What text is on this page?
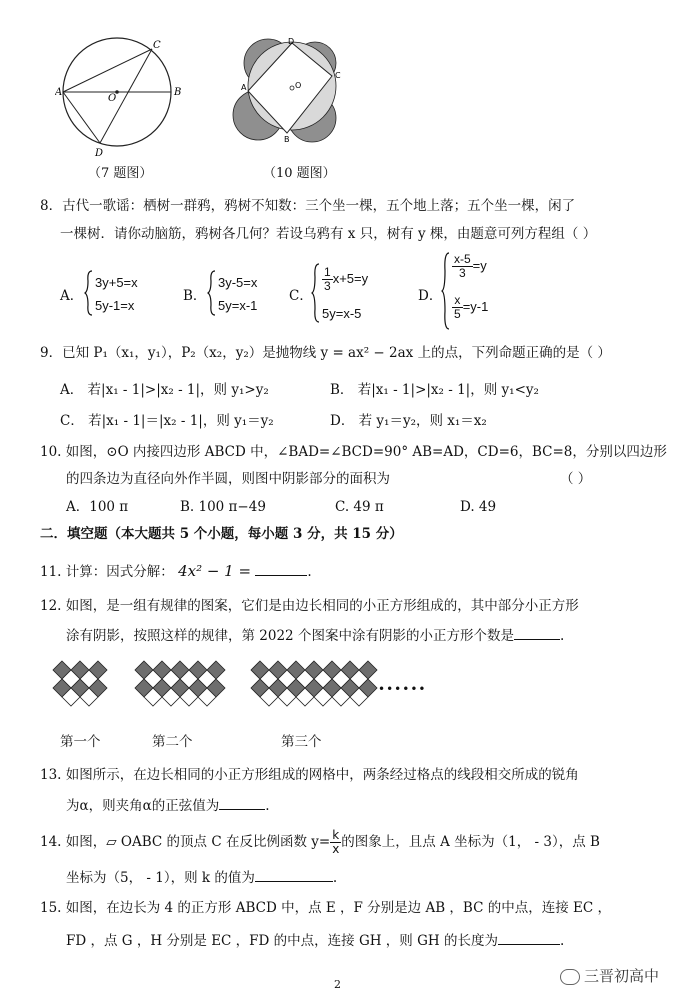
A	B
C
D
O
（7 题图）
D
C
A
B
O
（10 题图）
8．古代一歌谣：栖树一群鸦，鸦树不知数：三个坐一棵，五个地上落；五个坐一棵，闲了
一棵树．请你动脑筋，鸦树各几何？若设乌鸦有 x 只，树有 y 棵，由题意可列方程组（ ）
A．
3y+5=x
5y-1=x
B．
3y-5=x
5y=x-1
C．
$\frac{1}{3} x+5=y$
5y=x-5
D．
$\frac{x-5}{3} =y$
$\frac{x}{5} =y-1$
9．已知 P₁（x₁，y₁），P₂（x₂，y₂）是抛物线 y = ax² − 2ax 上的点，下列命题正确的是（ ）
A． 若|x₁ - 1|>|x₂ - 1|，则 y₁>y₂	B． 若|x₁ - 1|>|x₂ - 1|，则 y₁<y₂
C． 若|x₁ - 1|＝|x₂ - 1|，则 y₁＝y₂	D． 若 y₁＝y₂，则 x₁＝x₂
10. 如图，⊙O 内接四边形 ABCD 中，∠BAD=∠BCD=90° AB=AD，CD=6，BC=8，分别以四边形
的四条边为直径向外作半圆，则图中阴影部分的面积为	（ ）
A．100 π	B. 100 π−49	C. 49 π	D. 49
二．填空题（本大题共 5 个小题，每小题 3 分，共 15 分）
11. 计算：因式分解： 4x² − 1 =	.
12. 如图，是一组有规律的图案，它们是由边长相同的小正方形组成的，其中部分小正方形
涂有阴影，按照这样的规律，第 2022 个图案中涂有阴影的小正方形个数是	.
第一个	第二个	第三个
••••••
13. 如图所示，在边长相同的小正方形组成的网格中，两条经过格点的线段相交所成的锐角
为α，则夹角α的正弦值为	.
14. 如图，▱ OABC 的顶点 C 在反比例函数 $y= \frac{k}{x}$ 的图象上，且点 A 坐标为（1， - 3），点 B
坐标为（5， - 1），则 k 的值为	.
15. 如图，在边长为 4 的正方形 ABCD 中，点 E ，F 分别是边 AB ，BC 的中点，连接 EC ，
FD ，点 G ，H 分别是 EC ，FD 的中点，连接 GH ，则 GH 的长度为	.
2	三晋初高中
